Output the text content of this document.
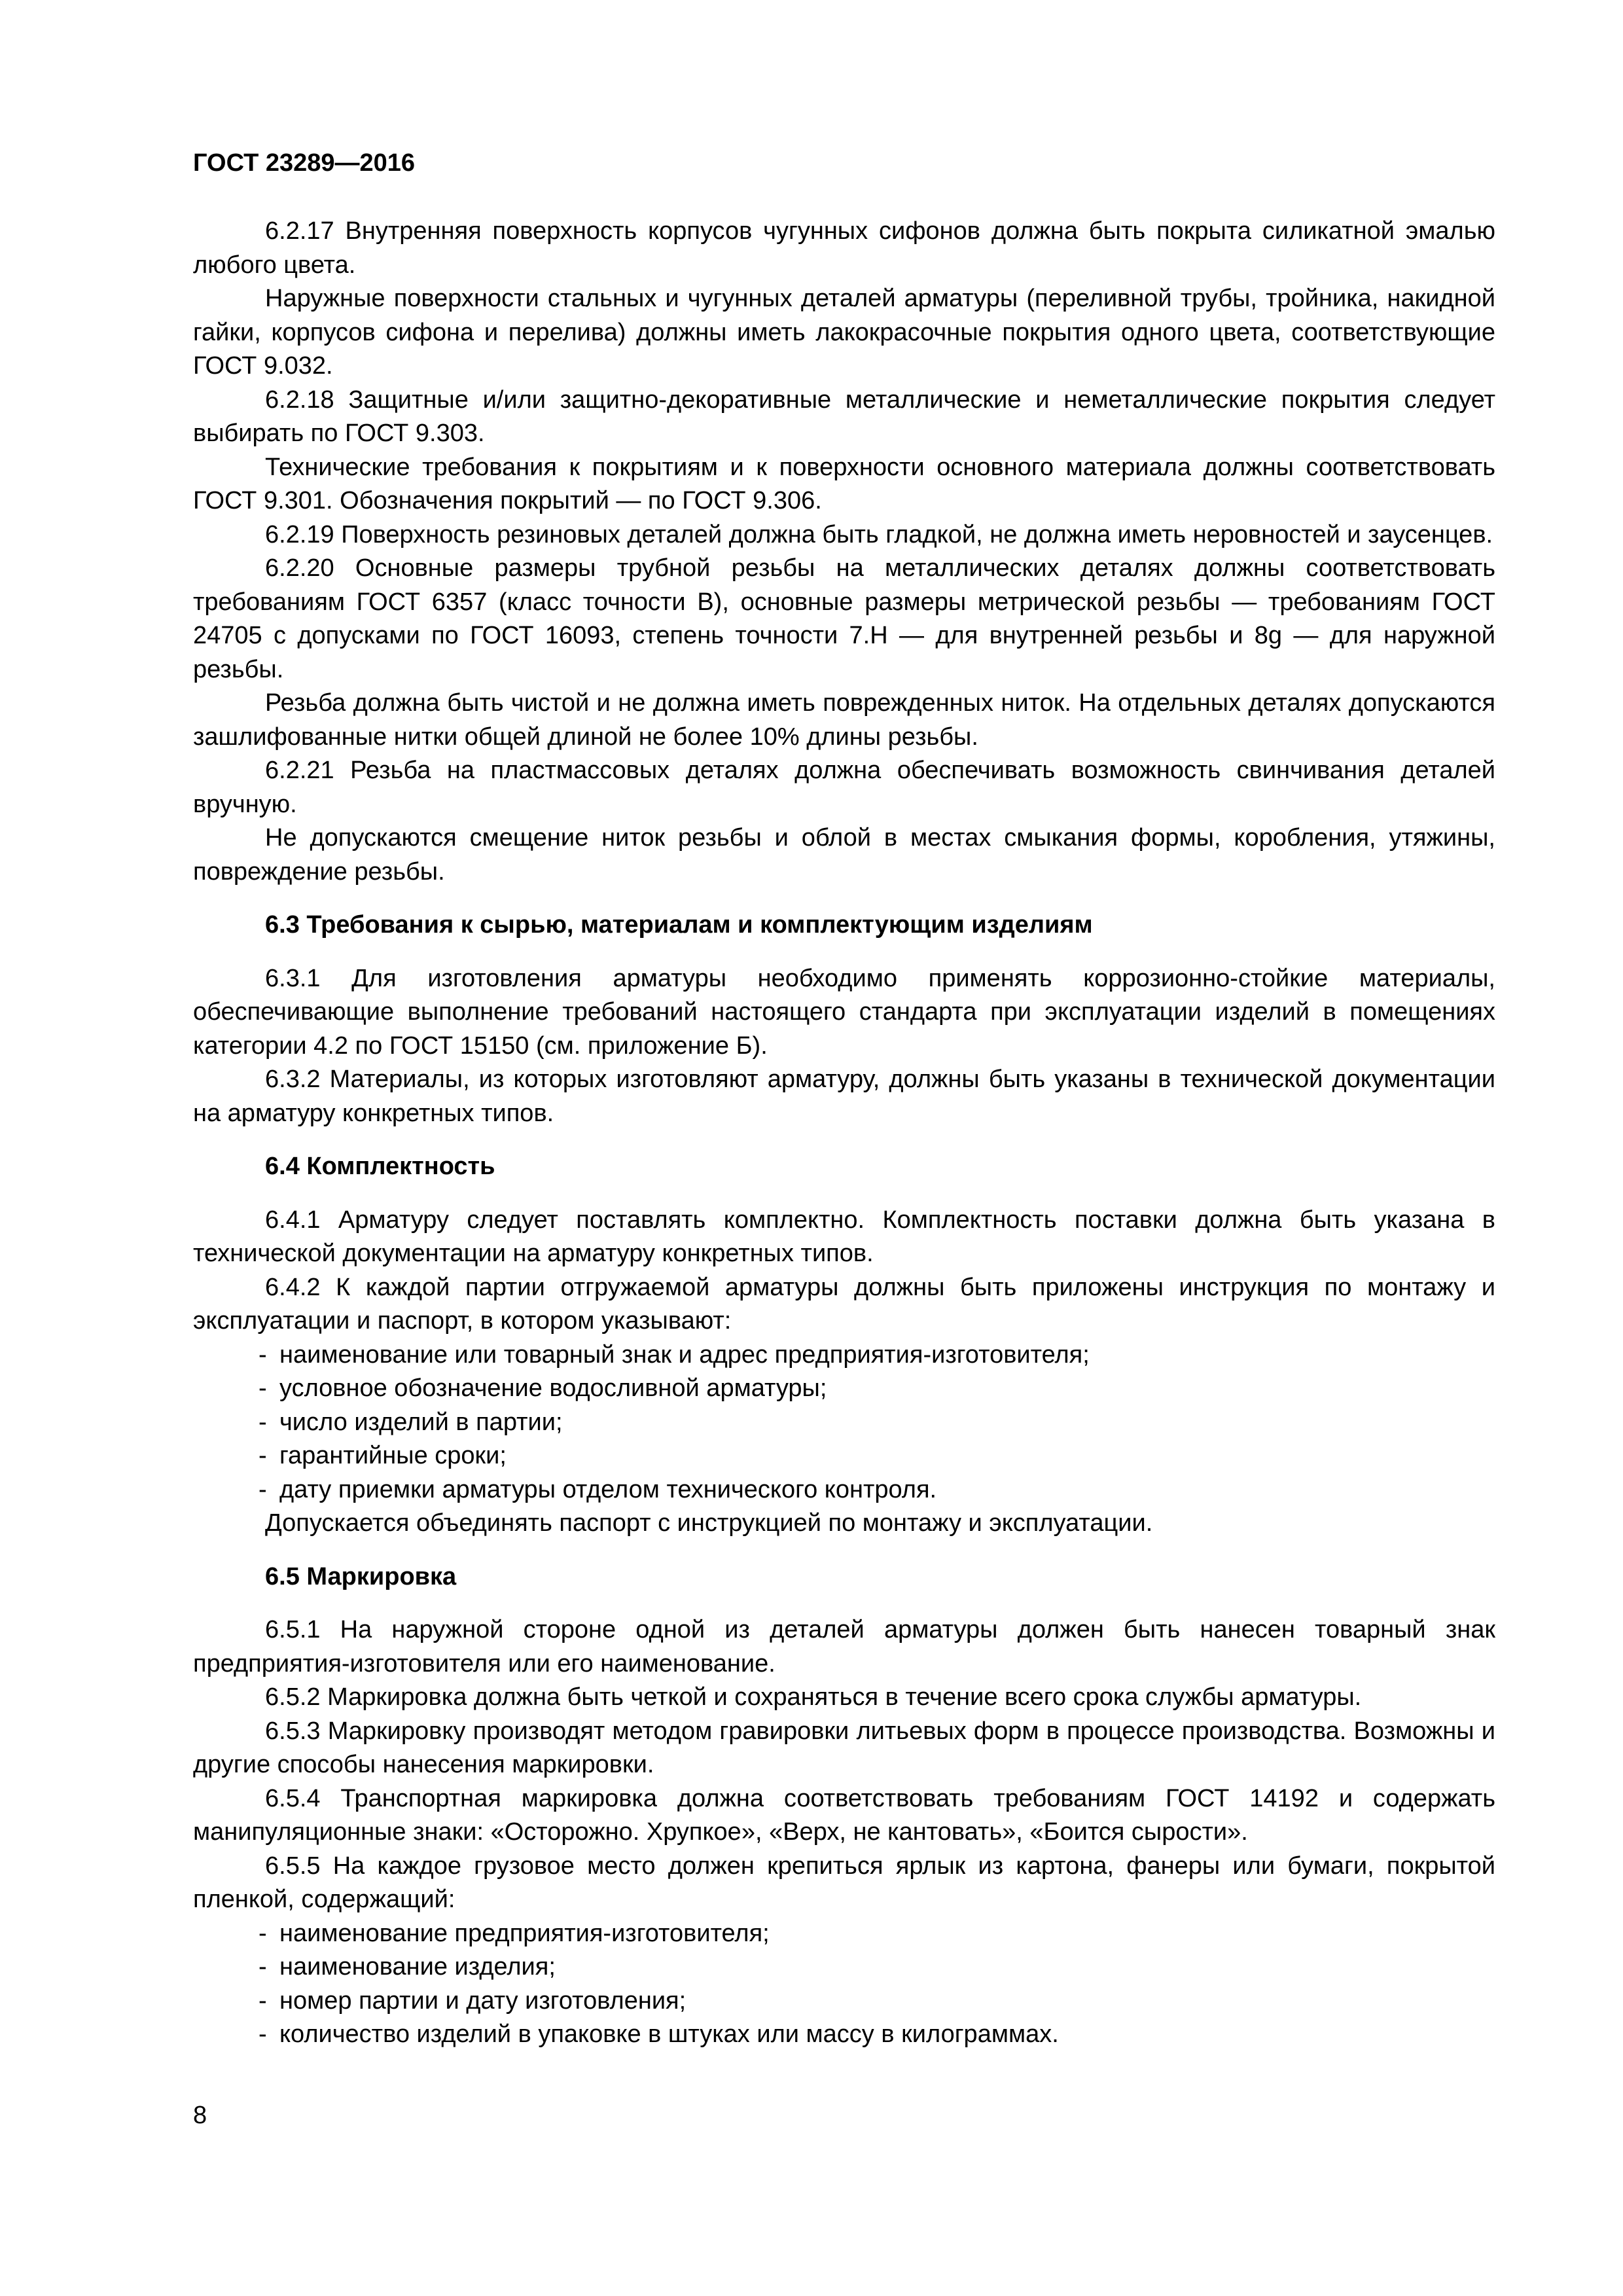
ГОСТ 23289—2016

6.2.17 Внутренняя поверхность корпусов чугунных сифонов должна быть покрыта силикатной эмалью любого цвета.

Наружные поверхности стальных и чугунных деталей арматуры (переливной трубы, тройника, накидной гайки, корпусов сифона и перелива) должны иметь лакокрасочные покрытия одного цвета, соответствующие ГОСТ 9.032.

6.2.18 Защитные и/или защитно-декоративные металлические и неметаллические покрытия следует выбирать по ГОСТ 9.303.

Технические требования к покрытиям и к поверхности основного материала должны соответствовать ГОСТ 9.301. Обозначения покрытий — по ГОСТ 9.306.

6.2.19 Поверхность резиновых деталей должна быть гладкой, не должна иметь неровностей и заусенцев.

6.2.20 Основные размеры трубной резьбы на металлических деталях должны соответствовать требованиям ГОСТ 6357 (класс точности В), основные размеры метрической резьбы — требованиям ГОСТ 24705 с допусками по ГОСТ 16093, степень точности 7.Н — для внутренней резьбы и 8g — для наружной резьбы.

Резьба должна быть чистой и не должна иметь поврежденных ниток. На отдельных деталях допускаются зашлифованные нитки общей длиной не более 10% длины резьбы.

6.2.21 Резьба на пластмассовых деталях должна обеспечивать возможность свинчивания деталей вручную.

Не допускаются смещение ниток резьбы и облой в местах смыкания формы, коробления, утяжины, повреждение резьбы.

6.3 Требования к сырью, материалам и комплектующим изделиям

6.3.1 Для изготовления арматуры необходимо применять коррозионно-стойкие материалы, обеспечивающие выполнение требований настоящего стандарта при эксплуатации изделий в помещениях категории 4.2 по ГОСТ 15150 (см. приложение Б).

6.3.2 Материалы, из которых изготовляют арматуру, должны быть указаны в технической документации на арматуру конкретных типов.

6.4 Комплектность

6.4.1 Арматуру следует поставлять комплектно. Комплектность поставки должна быть указана в технической документации на арматуру конкретных типов.

6.4.2 К каждой партии отгружаемой арматуры должны быть приложены инструкция по монтажу и эксплуатации и паспорт, в котором указывают:

- наименование или товарный знак и адрес предприятия-изготовителя;
- условное обозначение водосливной арматуры;
- число изделий в партии;
- гарантийные сроки;
- дату приемки арматуры отделом технического контроля.

Допускается объединять паспорт с инструкцией по монтажу и эксплуатации.

6.5 Маркировка

6.5.1 На наружной стороне одной из деталей арматуры должен быть нанесен товарный знак предприятия-изготовителя или его наименование.

6.5.2 Маркировка должна быть четкой и сохраняться в течение всего срока службы арматуры.

6.5.3 Маркировку производят методом гравировки литьевых форм в процессе производства. Возможны и другие способы нанесения маркировки.

6.5.4 Транспортная маркировка должна соответствовать требованиям ГОСТ 14192 и содержать манипуляционные знаки: «Осторожно. Хрупкое», «Верх, не кантовать», «Боится сырости».

6.5.5 На каждое грузовое место должен крепиться ярлык из картона, фанеры или бумаги, покрытой пленкой, содержащий:

- наименование предприятия-изготовителя;
- наименование изделия;
- номер партии и дату изготовления;
- количество изделий в упаковке в штуках или массу в килограммах.
8
